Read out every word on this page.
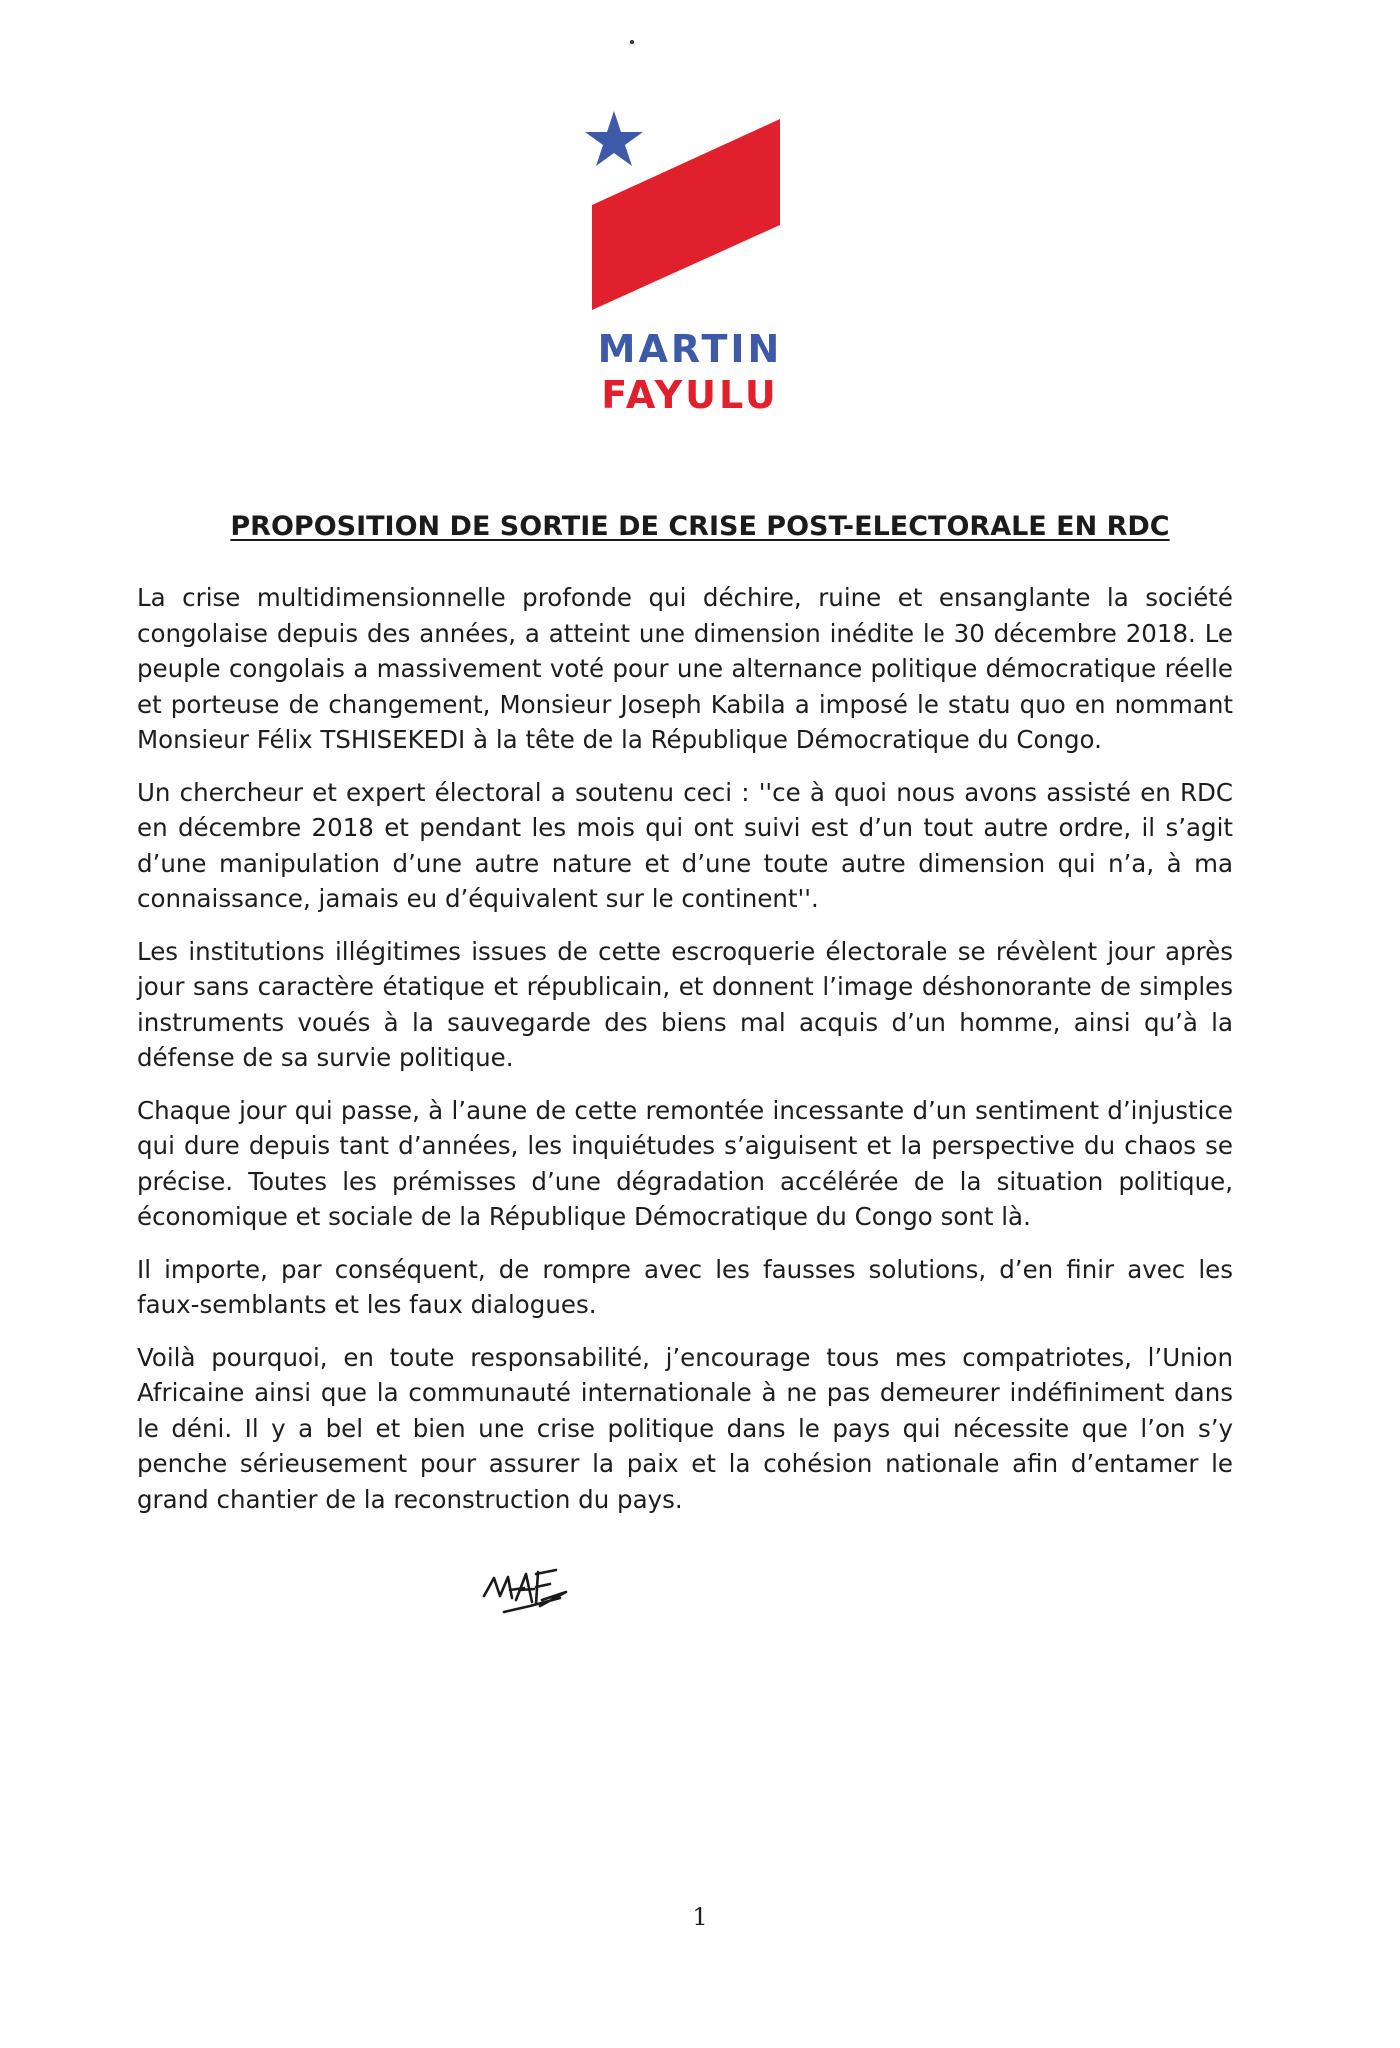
MARTIN
FAYULU
PROPOSITION DE SORTIE DE CRISE POST-ELECTORALE EN RDC

La crise multidimensionnelle profonde qui déchire, ruine et ensanglante la société congolaise depuis des années, a atteint une dimension inédite le 30 décembre 2018. Le peuple congolais a massivement voté pour une alternance politique démocratique réelle et porteuse de changement, Monsieur Joseph Kabila a imposé le statu quo en nommant Monsieur Félix TSHISEKEDI à la tête de la République Démocratique du Congo.

Un chercheur et expert électoral a soutenu ceci : ''ce à quoi nous avons assisté en RDC en décembre 2018 et pendant les mois qui ont suivi est d’un tout autre ordre, il s’agit d’une manipulation d’une autre nature et d’une toute autre dimension qui n’a, à ma connaissance, jamais eu d’équivalent sur le continent''.

Les institutions illégitimes issues de cette escroquerie électorale se révèlent jour après jour sans caractère étatique et républicain, et donnent l’image déshonorante de simples instruments voués à la sauvegarde des biens mal acquis d’un homme, ainsi qu’à la défense de sa survie politique.

Chaque jour qui passe, à l’aune de cette remontée incessante d’un sentiment d’injustice qui dure depuis tant d’années, les inquiétudes s’aiguisent et la perspective du chaos se précise. Toutes les prémisses d’une dégradation accélérée de la situation politique, économique et sociale de la République Démocratique du Congo sont là.

Il importe, par conséquent, de rompre avec les fausses solutions, d’en finir avec les faux-semblants et les faux dialogues.

Voilà pourquoi, en toute responsabilité, j’encourage tous mes compatriotes, l’Union Africaine ainsi que la communauté internationale à ne pas demeurer indéfiniment dans le déni. Il y a bel et bien une crise politique dans le pays qui nécessite que l’on s’y penche sérieusement pour assurer la paix et la cohésion nationale afin d’entamer le grand chantier de la reconstruction du pays.

1
